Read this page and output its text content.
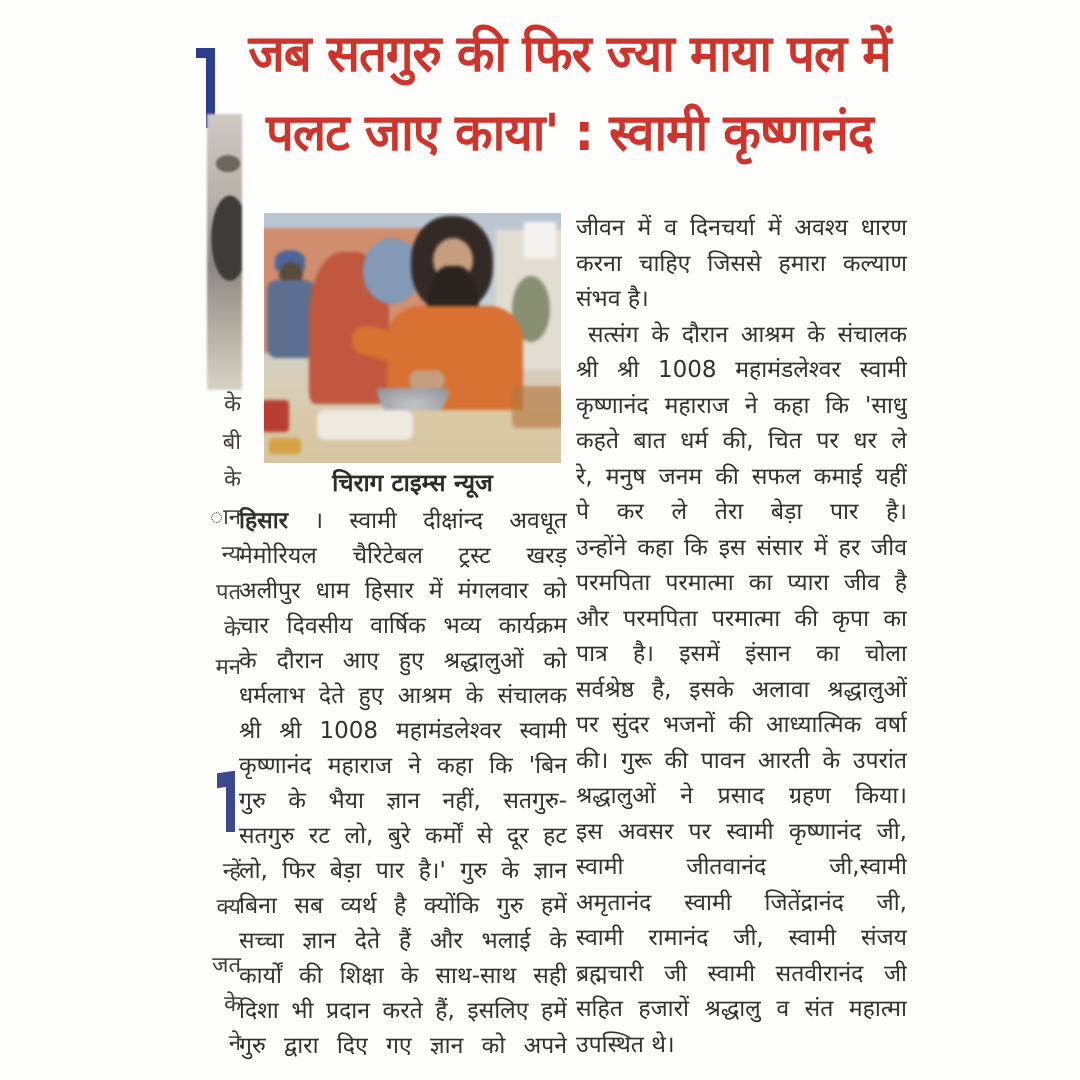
जब सतगुरु की फिर ज्या माया पल में
पलट जाए काया' : स्वामी कृष्णानंद
के
बी
के
ान
न्य
पत
के
मन
न्हें
क्य
जत
के
ने
चिराग टाइम्स न्यूज
हिसार । स्वामी दीक्षांन्द अवधूत
मेमोरियल चैरिटेबल ट्रस्ट खरड़
अलीपुर धाम हिसार में मंगलवार को
चार दिवसीय वार्षिक भव्य कार्यक्रम
के दौरान आए हुए श्रद्धालुओं को
धर्मलाभ देते हुए आश्रम के संचालक
श्री श्री 1008 महामंडलेश्वर स्वामी
कृष्णानंद महाराज ने कहा कि 'बिन
गुरु के भैया ज्ञान नहीं, सतगुरु-
सतगुरु रट लो, बुरे कर्मों से दूर हट
लो, फिर बेड़ा पार है।' गुरु के ज्ञान
बिना सब व्यर्थ है क्योंकि गुरु हमें
सच्चा ज्ञान देते हैं और भलाई के
कार्यों की शिक्षा के साथ-साथ सही
दिशा भी प्रदान करते हैं, इसलिए हमें
गुरु द्वारा दिए गए ज्ञान को अपने
जीवन में व दिनचर्या में अवश्य धारण
करना चाहिए जिससे हमारा कल्याण
संभव है।
सत्संग के दौरान आश्रम के संचालक
श्री श्री 1008 महामंडलेश्वर स्वामी
कृष्णानंद महाराज ने कहा कि 'साधु
कहते बात धर्म की, चित पर धर ले
रे, मनुष जनम की सफल कमाई यहीं
पे कर ले तेरा बेड़ा पार है।
उन्होंने कहा कि इस संसार में हर जीव
परमपिता परमात्मा का प्यारा जीव है
और परमपिता परमात्मा की कृपा का
पात्र है। इसमें इंसान का चोला
सर्वश्रेष्ठ है, इसके अलावा श्रद्धालुओं
पर सुंदर भजनों की आध्यात्मिक वर्षा
की। गुरू की पावन आरती के उपरांत
श्रद्धालुओं ने प्रसाद ग्रहण किया।
इस अवसर पर स्वामी कृष्णानंद जी,
स्वामी जीतवानंद जी,स्वामी
अमृतानंद स्वामी जितेंद्रानंद जी,
स्वामी रामानंद जी, स्वामी संजय
ब्रह्मचारी जी स्वामी सतवीरानंद जी
सहित हजारों श्रद्धालु व संत महात्मा
उपस्थित थे।
